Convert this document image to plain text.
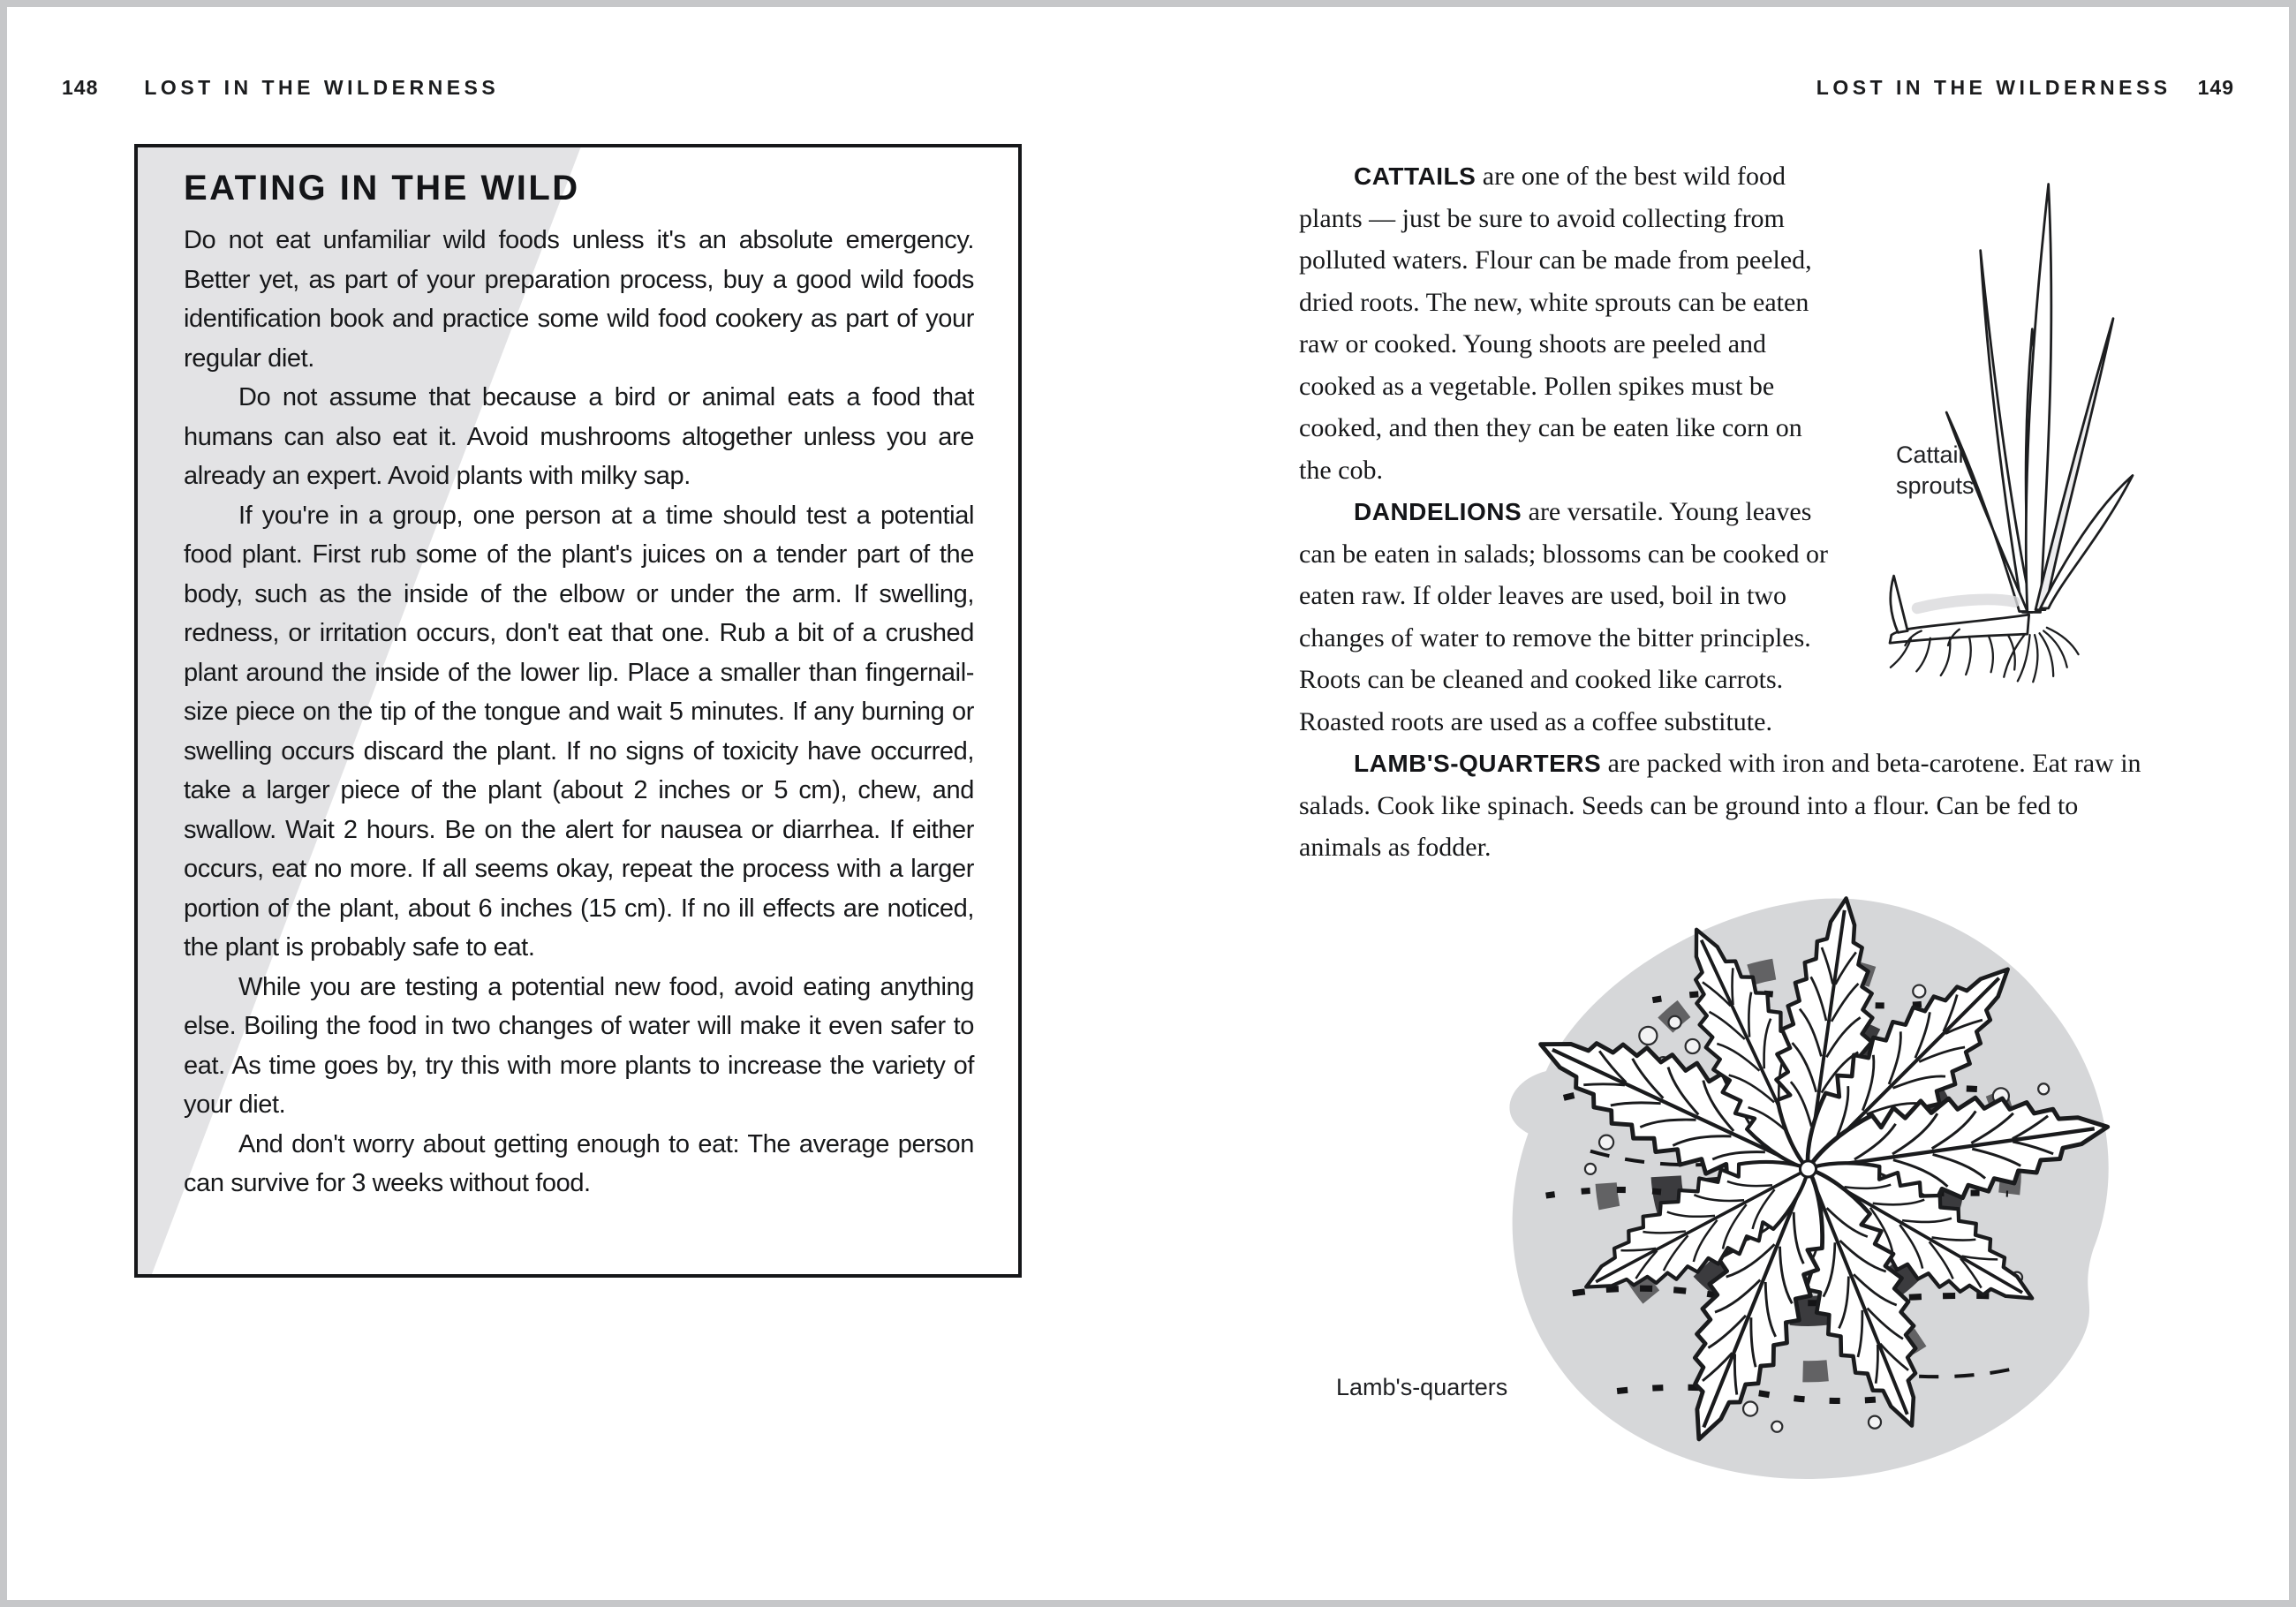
148 LOST IN THE WILDERNESS	LOST IN THE WILDERNESS 149
EATING IN THE WILD

Do not eat unfamiliar wild foods unless it's an absolute emergency. Better yet, as part of your preparation process, buy a good wild foods identification book and practice some wild food cookery as part of your regular diet.

Do not assume that because a bird or animal eats a food that humans can also eat it. Avoid mushrooms altogether unless you are already an expert. Avoid plants with milky sap.

If you're in a group, one person at a time should test a potential food plant. First rub some of the plant's juices on a tender part of the body, such as the inside of the elbow or under the arm. If swelling, redness, or irritation occurs, don't eat that one. Rub a bit of a crushed plant around the inside of the lower lip. Place a smaller than fingernail-size piece on the tip of the tongue and wait 5 minutes. If any burning or swelling occurs discard the plant. If no signs of toxicity have occurred, take a larger piece of the plant (about 2 inches or 5 cm), chew, and swallow. Wait 2 hours. Be on the alert for nausea or diarrhea. If either occurs, eat no more. If all seems okay, repeat the process with a larger portion of the plant, about 6 inches (15 cm). If no ill effects are noticed, the plant is probably safe to eat.

While you are testing a potential new food, avoid eating anything else. Boiling the food in two changes of water will make it even safer to eat. As time goes by, try this with more plants to increase the variety of your diet.

And don't worry about getting enough to eat: The average person can survive for 3 weeks without food.

Cattail
sprouts

CATTAILS are one of the best wild food plants — just be sure to avoid collecting from polluted waters. Flour can be made from peeled, dried roots. The new, white sprouts can be eaten raw or cooked. Young shoots are peeled and cooked as a vegetable. Pollen spikes must be cooked, and then they can be eaten like corn on the cob.

DANDELIONS are versatile. Young leaves can be eaten in salads; blossoms can be cooked or eaten raw. If older leaves are used, boil in two changes of water to remove the bitter principles. Roots can be cleaned and cooked like carrots. Roasted roots are used as a coffee substitute.

LAMB'S-QUARTERS are packed with iron and beta-carotene. Eat raw in salads. Cook like spinach. Seeds can be ground into a flour. Can be fed to animals as fodder.

Lamb's-quarters
